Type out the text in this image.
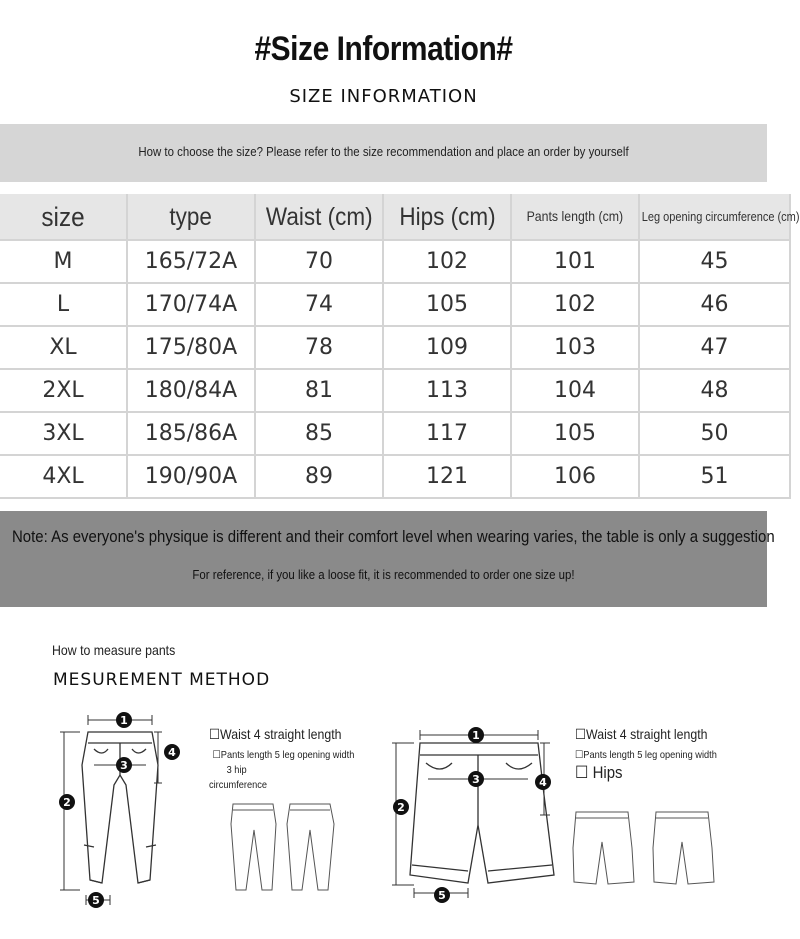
#Size Information#
SIZE INFORMATION
How to choose the size? Please refer to the size recommendation and place an order by yourself
size	type	Waist (cm)	Hips (cm)	Pants length (cm)	Leg opening circumference (cm)

M	165/72A	70	102	101	45
L	170/74A	74	105	102	46
XL	175/80A	78	109	103	47
2XL	180/84A	81	113	104	48
3XL	185/86A	85	117	105	50
4XL	190/90A	89	121	106	51
Note: As everyone's physique is different and their comfort level when wearing varies, the table is only a suggestion
For reference, if you like a loose fit, it is recommended to order one size up!
How to measure pants
MESUREMENT METHOD
1
2
3
4
5
☐Waist 4 straight length
☐Pants length 5 leg opening width
3 hip
circumference
1
2
3	4
5
☐Waist 4 straight length
☐Pants length 5 leg opening width
☐ Hips
